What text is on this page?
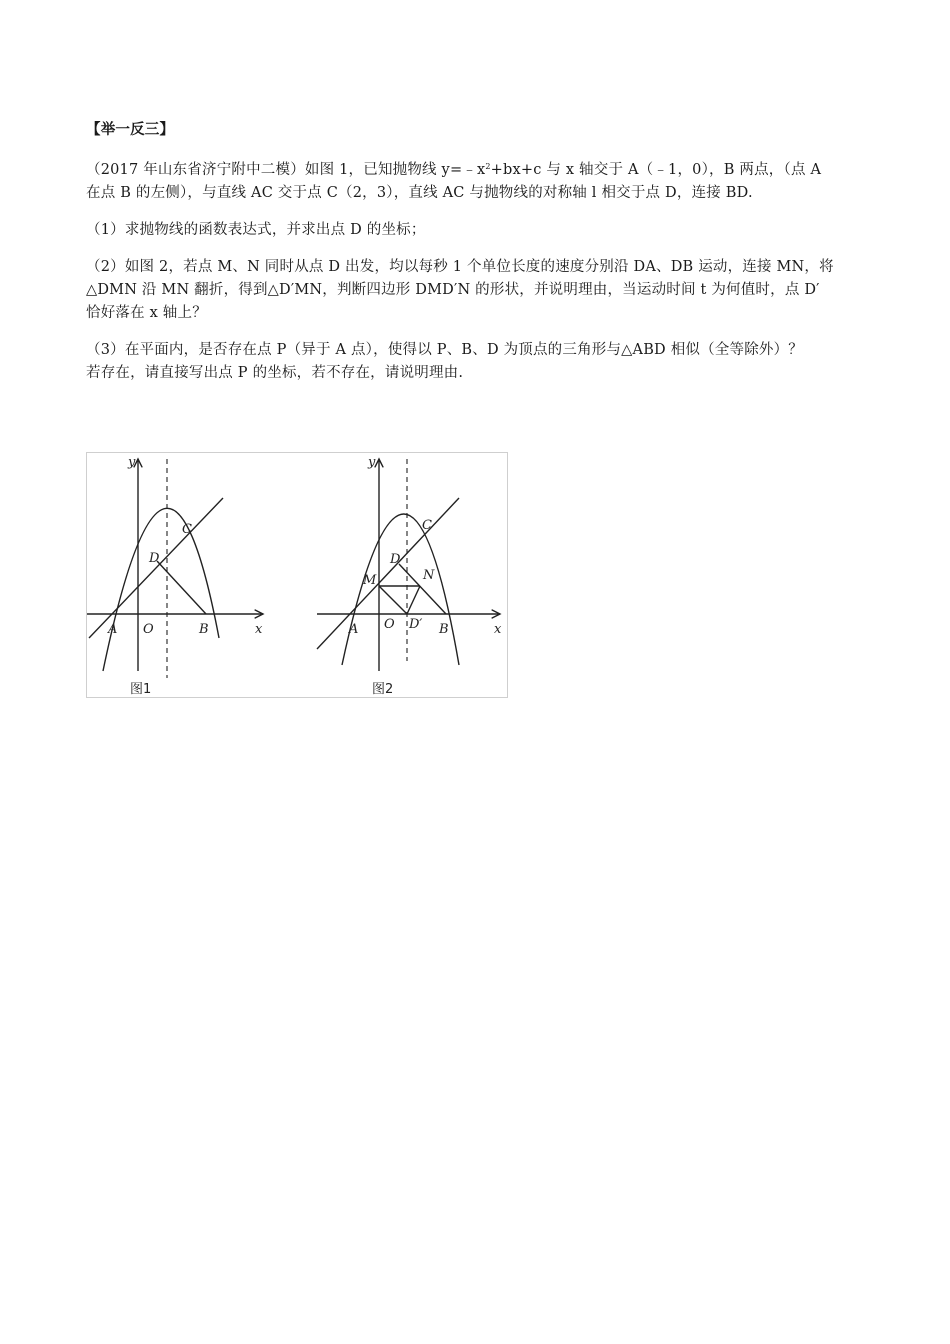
【举一反三】
（2017 年山东省济宁附中二模）如图 1，已知抛物线 $y=﹣x^2+bx+c$ 与 x 轴交于 A（﹣1，0），B 两点，（点 A
在点 B 的左侧），与直线 AC 交于点 C（2，3），直线 AC 与抛物线的对称轴 l 相交于点 D，连接 BD.
（1）求抛物线的函数表达式，并求出点 D 的坐标；
（2）如图 2，若点 M、N 同时从点 D 出发，均以每秒 1 个单位长度的速度分别沿 DA、DB 运动，连接 MN，将
△DMN 沿 MN 翻折，得到△D′MN，判断四边形 DMD′N 的形状，并说明理由，当运动时间 t 为何值时，点 D′
恰好落在 x 轴上？
（3）在平面内，是否存在点 P（异于 A 点），使得以 P、B、D 为顶点的三角形与△ABD 相似（全等除外）？
若存在，请直接写出点 P 的坐标，若不存在，请说明理由.
y
x
O
A	B
C
D
图1
y
x
O
A	B
C
D
M	N
D′
图2
